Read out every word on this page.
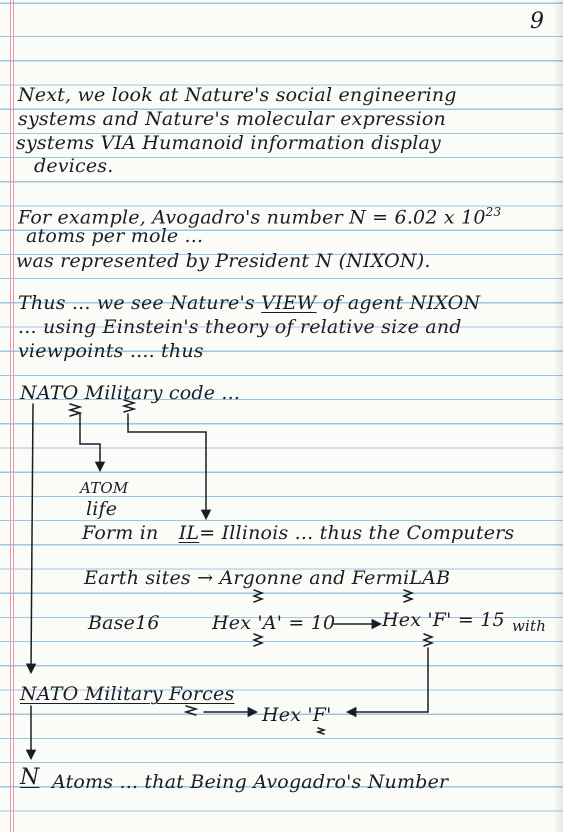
9
Next, we look at Nature's social engineering
systems and Nature's molecular expression
systems VIA Humanoid information display
devices.
For example, Avogadro's number N = 6.02 x $10^{23}$
atoms per mole ...
was represented by President N (NIXON).
Thus ... we see Nature's VIEW of agent NIXON
... using Einstein's theory of relative size and
viewpoints .... thus
NATO Military code ...
ATOM
life
Form in IL= Illinois ... thus the Computers
Earth sites → Argonne and FermiLAB
Base16	Hex 'A' = 10 Hex 'F' = 15 with
NATO Military Forces
Hex 'F'
N Atoms ... that Being Avogadro's Number
